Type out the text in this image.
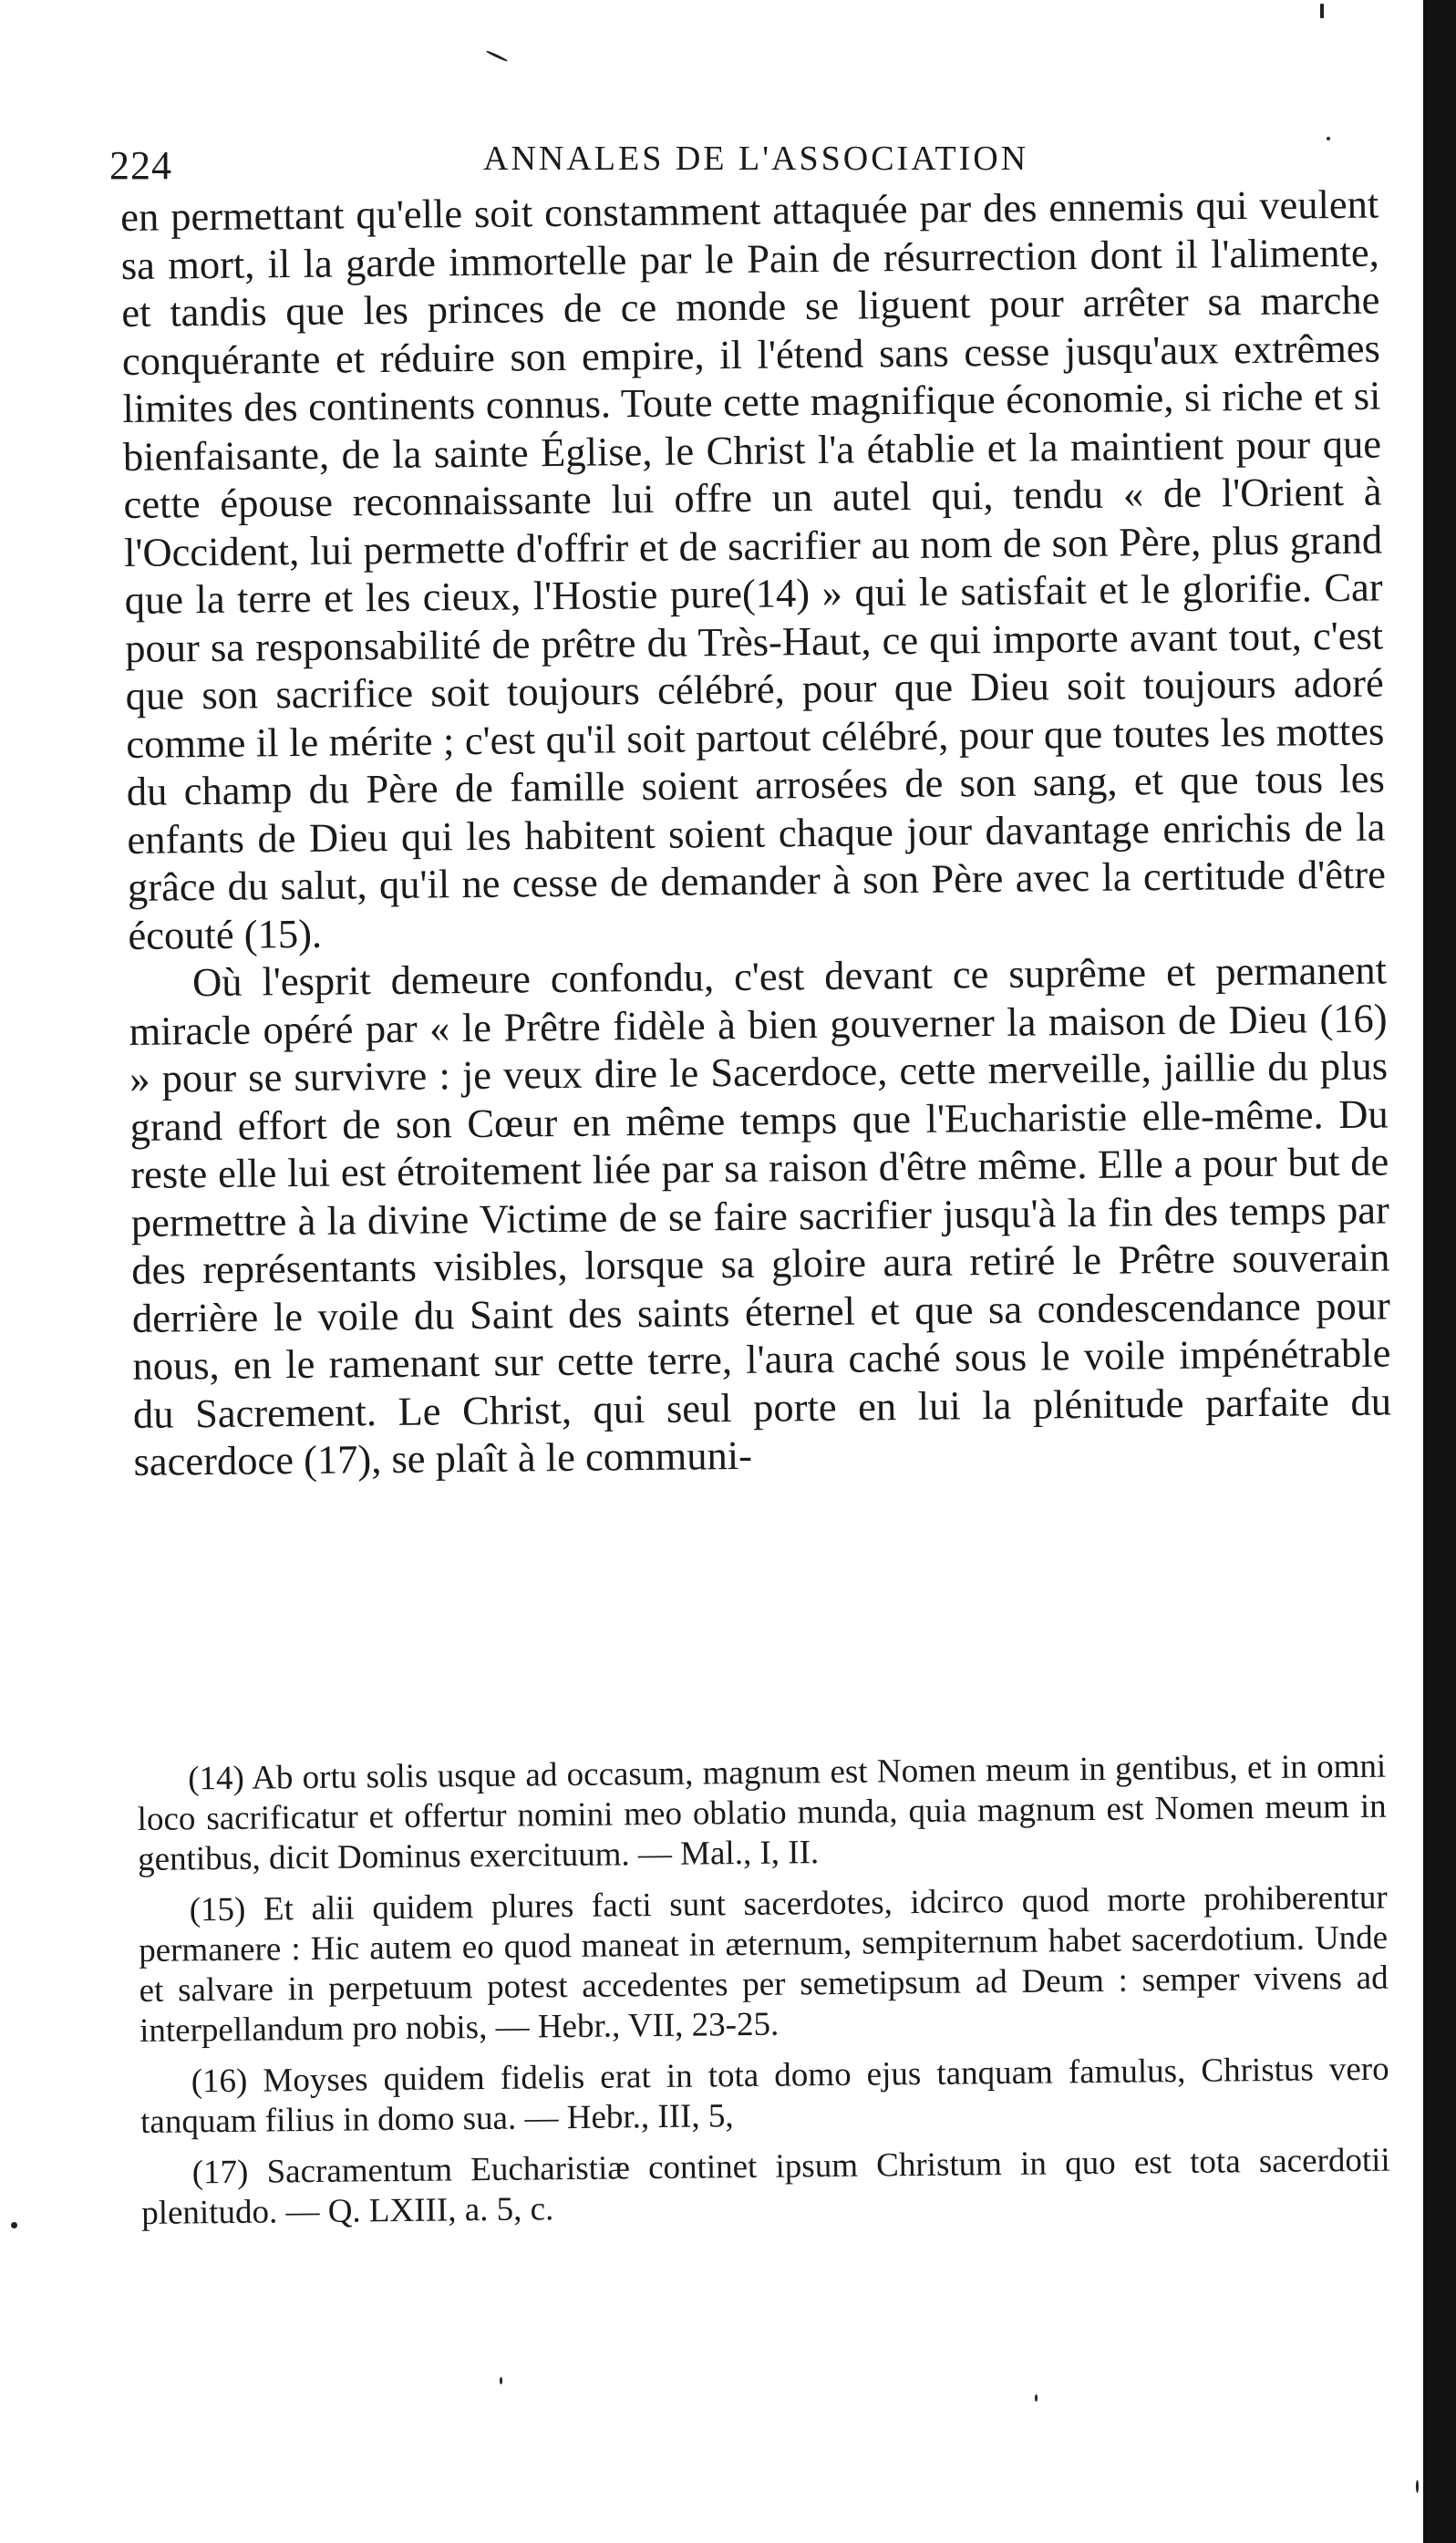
224	ANNALES DE L'ASSOCIATION

en permettant qu'elle soit constamment attaquée par des ennemis qui veulent sa mort, il la garde immortelle par le Pain de résurrection dont il l'alimente, et tandis que les princes de ce monde se liguent pour arrêter sa marche conquérante et réduire son empire, il l'étend sans cesse jusqu'aux extrêmes limites des continents connus. Toute cette magnifique économie, si riche et si bienfaisante, de la sainte Église, le Christ l'a établie et la maintient pour que cette épouse reconnaissante lui offre un autel qui, tendu « de l'Orient à l'Occident, lui permette d'offrir et de sacrifier au nom de son Père, plus grand que la terre et les cieux, l'Hostie pure(14) » qui le satisfait et le glorifie. Car pour sa responsabilité de prêtre du Très-Haut, ce qui importe avant tout, c'est que son sacrifice soit toujours célébré, pour que Dieu soit toujours adoré comme il le mérite ; c'est qu'il soit partout célébré, pour que toutes les mottes du champ du Père de famille soient arrosées de son sang, et que tous les enfants de Dieu qui les habitent soient chaque jour davantage enrichis de la grâce du salut, qu'il ne cesse de demander à son Père avec la certitude d'être écouté (15).

Où l'esprit demeure confondu, c'est devant ce suprême et permanent miracle opéré par « le Prêtre fidèle à bien gouverner la maison de Dieu (16) » pour se survivre : je veux dire le Sacerdoce, cette merveille, jaillie du plus grand effort de son Cœur en même temps que l'Eucharistie elle-même. Du reste elle lui est étroitement liée par sa raison d'être même. Elle a pour but de permettre à la divine Victime de se faire sacrifier jusqu'à la fin des temps par des représentants visibles, lorsque sa gloire aura retiré le Prêtre souverain derrière le voile du Saint des saints éternel et que sa condescendance pour nous, en le ramenant sur cette terre, l'aura caché sous le voile impénétrable du Sacrement. Le Christ, qui seul porte en lui la plénitude parfaite du sacerdoce (17), se plaît à le communi-

(14) Ab ortu solis usque ad occasum, magnum est Nomen meum in gentibus, et in omni loco sacrificatur et offertur nomini meo oblatio munda, quia magnum est Nomen meum in gentibus, dicit Dominus exercituum. — Mal., I, II.

(15) Et alii quidem plures facti sunt sacerdotes, idcirco quod morte prohiberentur permanere : Hic autem eo quod maneat in æternum, sempiternum habet sacerdotium. Unde et salvare in perpetuum potest accedentes per semetipsum ad Deum : semper vivens ad interpellandum pro nobis, — Hebr., VII, 23-25.

(16) Moyses quidem fidelis erat in tota domo ejus tanquam famulus, Christus vero tanquam filius in domo sua. — Hebr., III, 5,

(17) Sacramentum Eucharistiæ continet ipsum Christum in quo est tota sacerdotii plenitudo. — Q. LXIII, a. 5, c.
